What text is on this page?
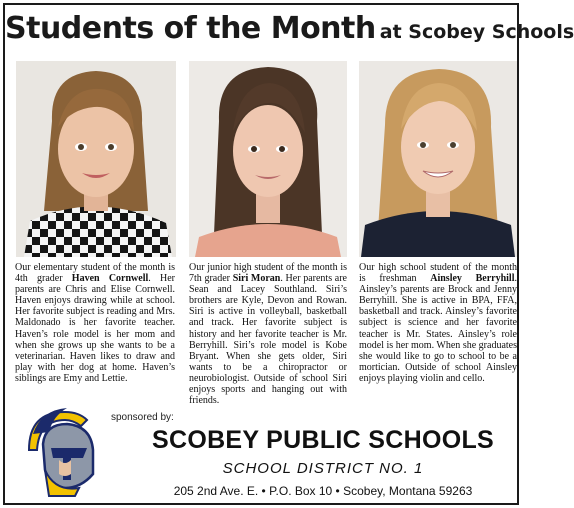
Students of the Month at Scobey Schools
Our elementary student of the month is 4th grader Haven Cornwell. Her parents are Chris and Elise Cornwell. Haven enjoys drawing while at school. Her favorite subject is reading and Mrs. Maldonado is her favorite teacher. Haven’s role model is her mom and when she grows up she wants to be a veterinarian. Haven likes to draw and play with her dog at home. Haven’s siblings are Emy and Lettie.
Our junior high student of the month is 7th grader Siri Moran. Her parents are Sean and Lacey Southland. Siri’s brothers are Kyle, Devon and Rowan. Siri is active in volleyball, basketball and track. Her favorite subject is history and her favorite teacher is Mr. Berryhill. Siri’s role model is Kobe Bryant. When she gets older, Siri wants to be a chiropractor or neurobiologist. Outside of school Siri enjoys sports and hanging out with friends.
Our high school student of the month is freshman Ainsley Berryhill. Ainsley’s parents are Brock and Jenny Berryhill. She is active in BPA, FFA, basketball and track. Ainsley’s favorite subject is science and her favorite teacher is Mr. States. Ainsley’s role model is her mom. When she graduates she would like to go to school to be a mortician. Outside of school Ainsley enjoys playing violin and cello.
sponsored by:
SCOBEY PUBLIC SCHOOLS
SCHOOL DISTRICT NO. 1
205 2nd Ave. E. • P.O. Box 10 • Scobey, Montana 59263
